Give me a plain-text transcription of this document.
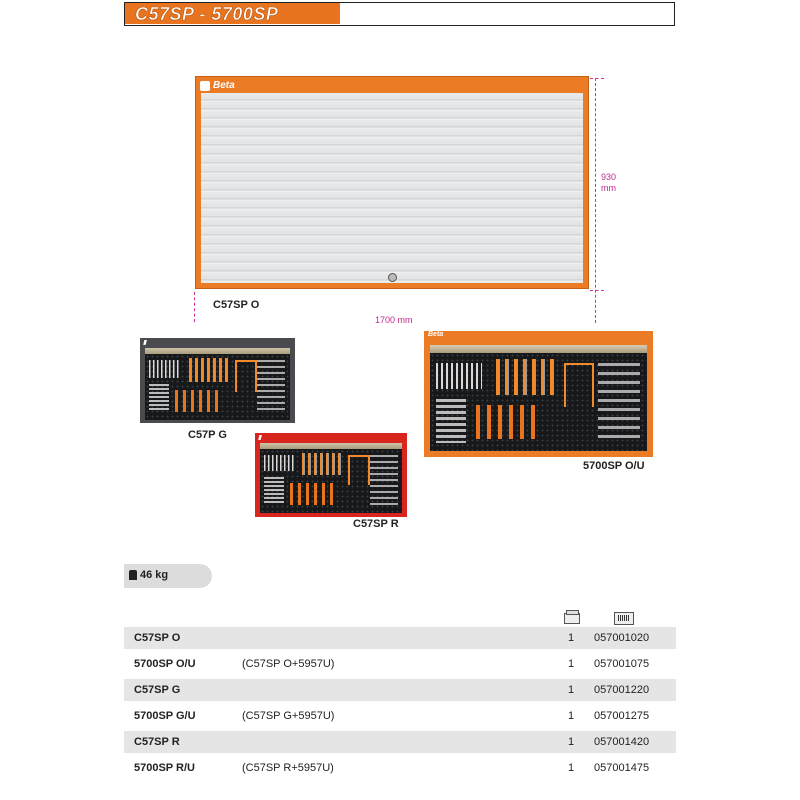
C57SP - 5700SP
Beta
930
mm
1700 mm
C57SP O
▮
C57P G	▮
C57SP R
Beta
5700SP O/U
46 kg
C57SP O	1 057001020
5700SP O/U	(C57SP O+5957U)	1 057001075
C57SP G	1 057001220
5700SP G/U	(C57SP G+5957U)	1 057001275
C57SP R	1 057001420
5700SP R/U	(C57SP R+5957U)	1 057001475
